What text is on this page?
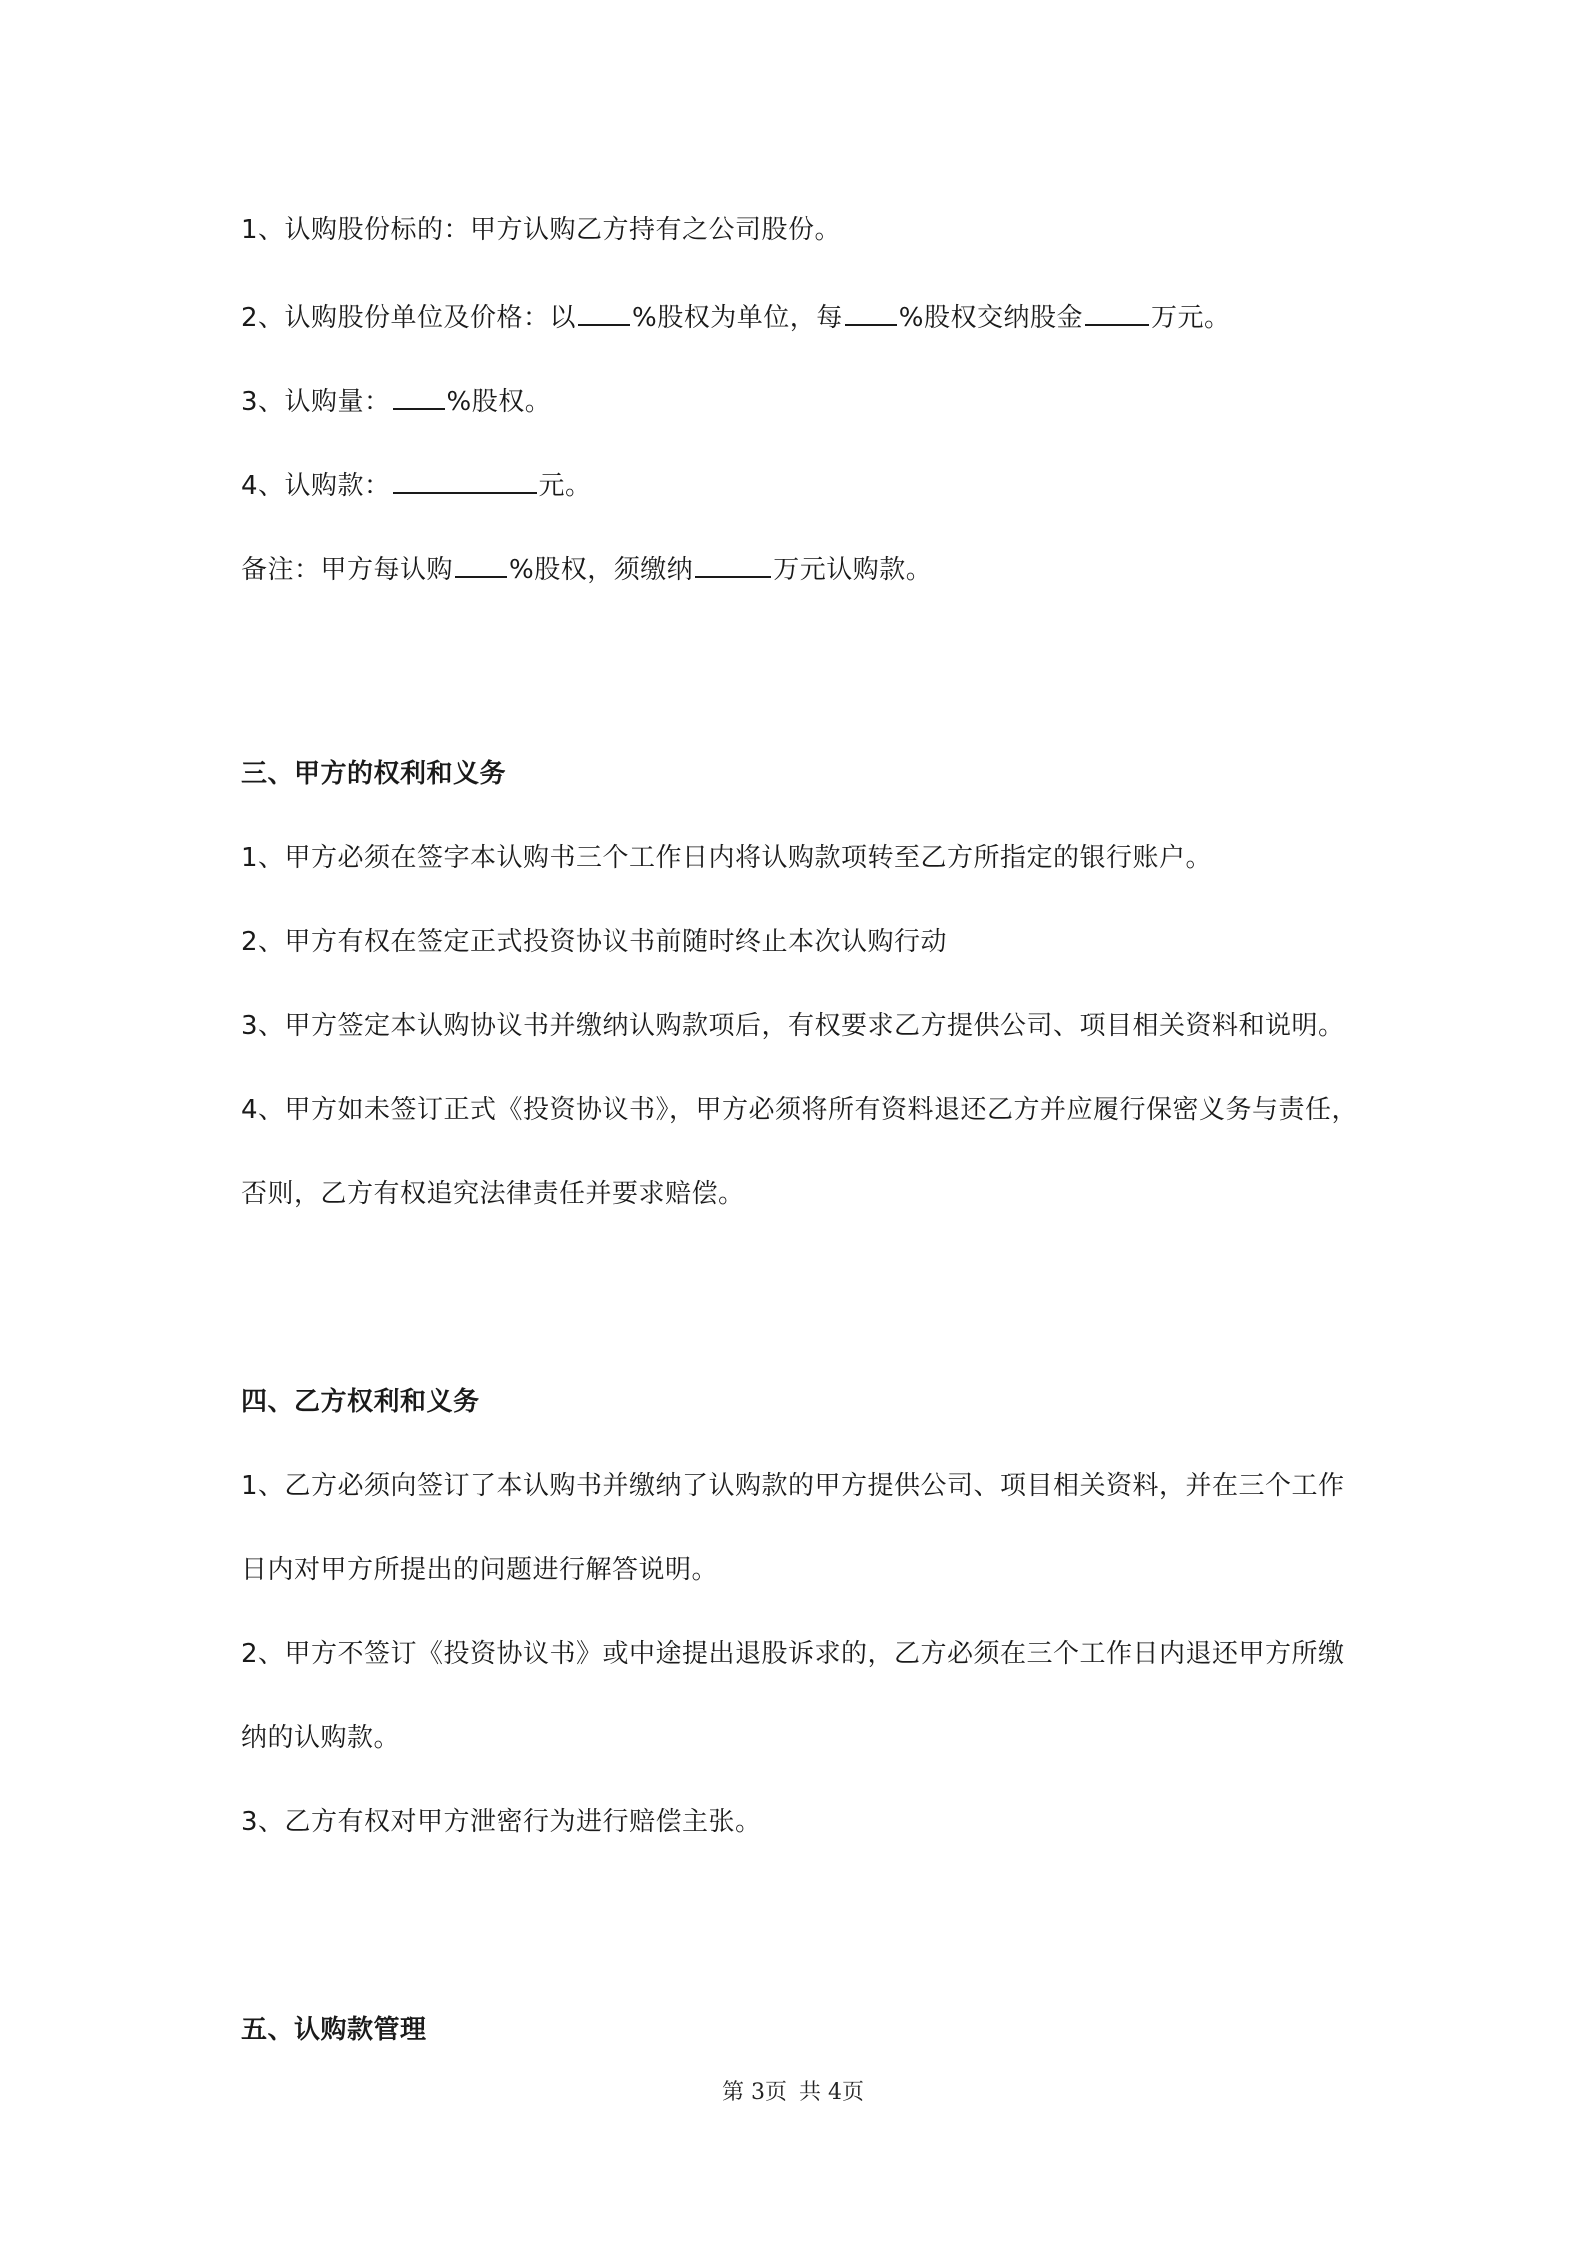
1、认购股份标的：甲方认购乙方持有之公司股份。
2、认购股份单位及价格：以 %股权为单位，每 %股权交纳股金	万元。
3、认购量： %股权。
4、认购款：	元。
备注：甲方每认购 %股权，须缴纳	万元认购款。
三、甲方的权利和义务
1、甲方必须在签字本认购书三个工作日内将认购款项转至乙方所指定的银行账户。
2、甲方有权在签定正式投资协议书前随时终止本次认购行动
3、甲方签定本认购协议书并缴纳认购款项后，有权要求乙方提供公司、项目相关资料和说明。
4、甲方如未签订正式《投资协议书》，甲方必须将所有资料退还乙方并应履行保密义务与责任，
否则，乙方有权追究法律责任并要求赔偿。
四、乙方权利和义务
1、乙方必须向签订了本认购书并缴纳了认购款的甲方提供公司、项目相关资料，并在三个工作
日内对甲方所提出的问题进行解答说明。
2、甲方不签订《投资协议书》或中途提出退股诉求的，乙方必须在三个工作日内退还甲方所缴
纳的认购款。
3、乙方有权对甲方泄密行为进行赔偿主张。
五、认购款管理
第 3页 共 4页
